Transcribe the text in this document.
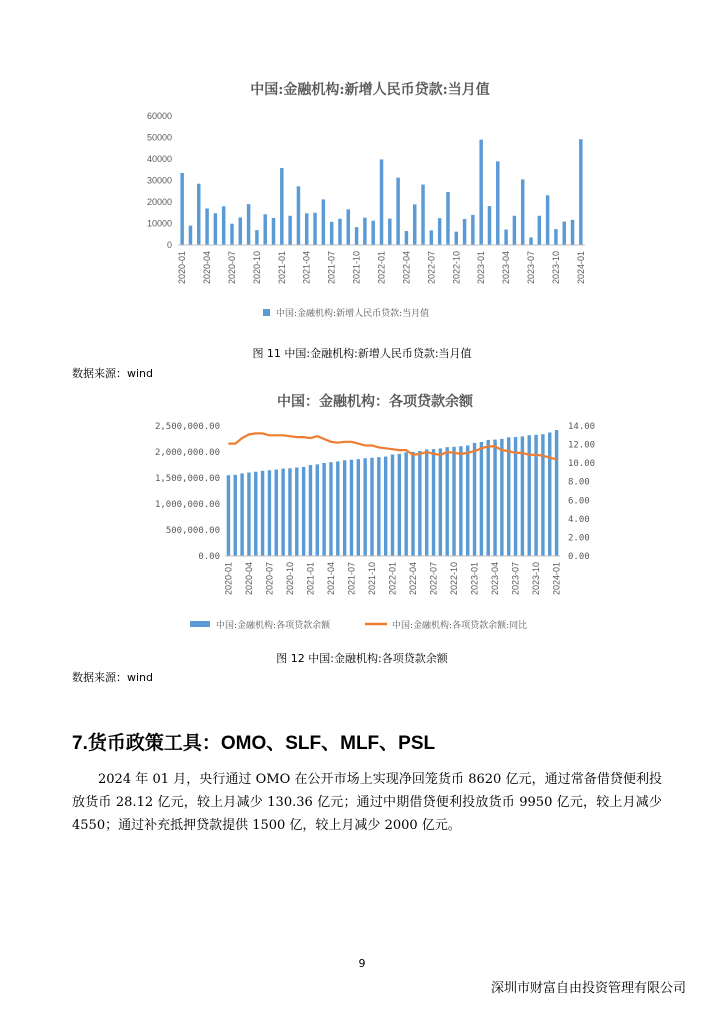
中国:金融机构:新增人民币贷款:当月值
0
10000
20000
30000
40000
50000
60000
2020-01 2020-04 2020-07 2020-10 2021-01 2021-04 2021-07 2021-10 2022-01 2022-04 2022-07 2022-10 2023-01 2023-04 2023-07 2023-10 2024-01
中国:金融机构:新增人民币贷款:当月值
图 11 中国:金融机构:新增人民币贷款:当月值
数据来源：wind
中国：金融机构：各项贷款余额
0.00
500,000.00
1,000,000.00
1,500,000.00
2,000,000.00
2,500,000.00
0.00
2.00
4.00
6.00
8.00
10.00
12.00
14.00
2020-01 2020-04 2020-07 2020-10 2021-01 2021-04 2021-07 2021-10 2022-01 2022-04 2022-07 2022-10 2023-01 2023-04 2023-07 2023-10 2024-01
中国:金融机构:各项贷款余额	中国:金融机构:各项贷款余额:同比
图 12 中国:金融机构:各项贷款余额
数据来源：wind
7.货币政策工具：OMO、SLF、MLF、PSL
2024 年 01 月，央行通过 OMO 在公开市场上实现净回笼货币 8620 亿元，通过常备借贷便利投放货币 28.12 亿元，较上月减少 130.36 亿元；通过中期借贷便利投放货币 9950 亿元，较上月减少 4550；通过补充抵押贷款提供 1500 亿，较上月减少 2000 亿元。
9
深圳市财富自由投资管理有限公司
